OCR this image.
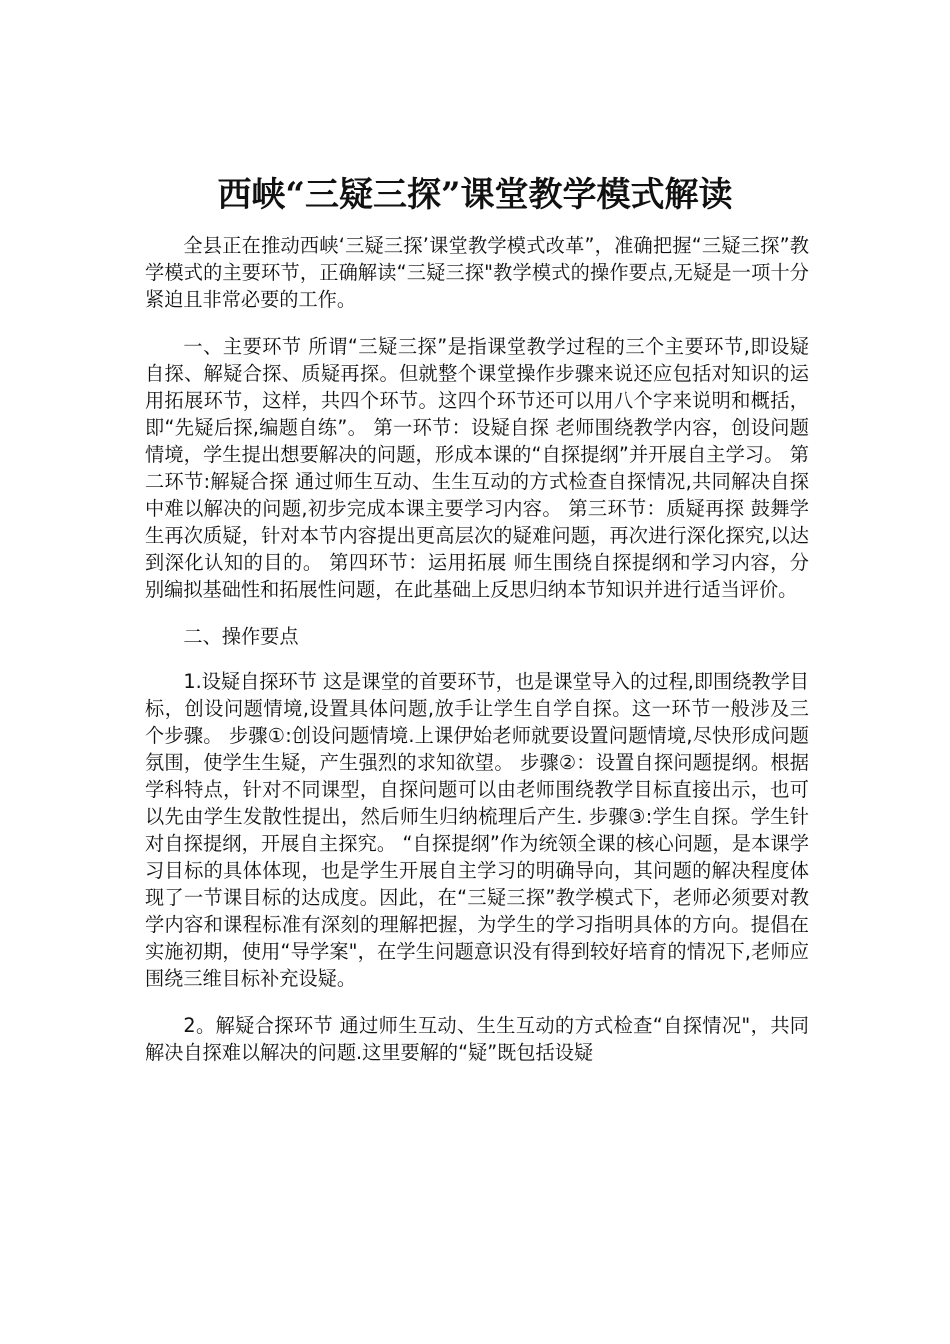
西峡“三疑三探”课堂教学模式解读

全县正在推动西峡‘三疑三探’课堂教学模式改革”，准确把握“三疑三探”教学模式的主要环节，正确解读“三疑三探"教学模式的操作要点,无疑是一项十分紧迫且非常必要的工作。

一、主要环节 所谓“三疑三探”是指课堂教学过程的三个主要环节,即设疑自探、解疑合探、质疑再探。但就整个课堂操作步骤来说还应包括对知识的运用拓展环节，这样，共四个环节。这四个环节还可以用八个字来说明和概括，即“先疑后探,编题自练”。 第一环节：设疑自探 老师围绕教学内容，创设问题情境，学生提出想要解决的问题，形成本课的“自探提纲”并开展自主学习。 第二环节:解疑合探 通过师生互动、生生互动的方式检查自探情况,共同解决自探中难以解决的问题,初步完成本课主要学习内容。 第三环节：质疑再探 鼓舞学生再次质疑，针对本节内容提出更高层次的疑难问题，再次进行深化探究,以达到深化认知的目的。 第四环节：运用拓展 师生围绕自探提纲和学习内容，分别编拟基础性和拓展性问题，在此基础上反思归纳本节知识并进行适当评价。

二、操作要点

1.设疑自探环节 这是课堂的首要环节，也是课堂导入的过程,即围绕教学目标，创设问题情境,设置具体问题,放手让学生自学自探。这一环节一般涉及三个步骤。 步骤①:创设问题情境.上课伊始老师就要设置问题情境,尽快形成问题氛围，使学生生疑，产生强烈的求知欲望。 步骤②：设置自探问题提纲。根据学科特点，针对不同课型，自探问题可以由老师围绕教学目标直接出示，也可以先由学生发散性提出，然后师生归纳梳理后产生. 步骤③:学生自探。学生针对自探提纲，开展自主探究。 “自探提纲”作为统领全课的核心问题，是本课学习目标的具体体现，也是学生开展自主学习的明确导向，其问题的解决程度体现了一节课目标的达成度。因此，在“三疑三探”教学模式下，老师必须要对教学内容和课程标准有深刻的理解把握，为学生的学习指明具体的方向。提倡在实施初期，使用“导学案"，在学生问题意识没有得到较好培育的情况下,老师应围绕三维目标补充设疑。

2。解疑合探环节 通过师生互动、生生互动的方式检查“自探情况"，共同解决自探难以解决的问题.这里要解的“疑”既包括设疑
